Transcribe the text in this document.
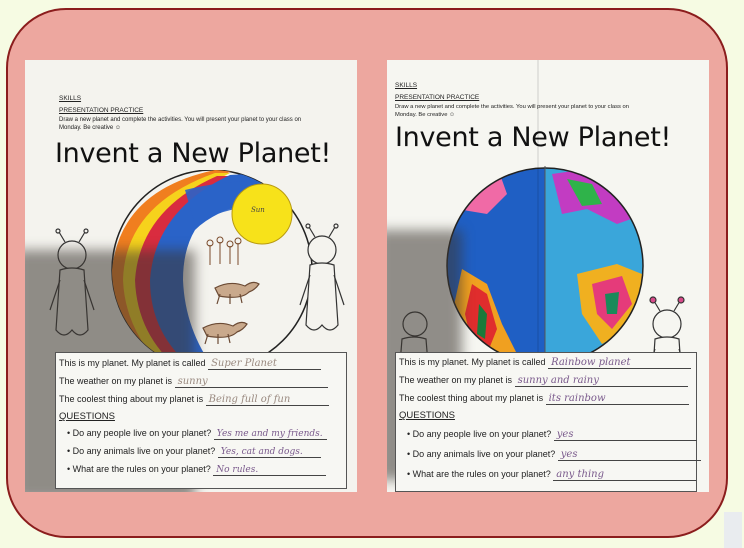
SKILLS
PRESENTATION PRACTICE
Draw a new planet and complete the activities. You will present your planet to your class on
Monday. Be creative ☺
Invent a New Planet!
Sun
This is my planet. My planet is called Super Planet
The weather on my planet is sunny
The coolest thing about my planet is Being full of fun
QUESTIONS
• Do any people live on your planet? Yes me and my friends.
• Do any animals live on your planet? Yes, cat and dogs.
• What are the rules on your planet? No rules.
SKILLS
PRESENTATION PRACTICE
Draw a new planet and complete the activities. You will present your planet to your class on
Monday. Be creative ☺
Invent a New Planet!
This is my planet. My planet is called Rainbow planet
The weather on my planet is sunny and rainy
The coolest thing about my planet is its rainbow
QUESTIONS
• Do any people live on your planet? yes
• Do any animals live on your planet? yes
• What are the rules on your planet? any thing
